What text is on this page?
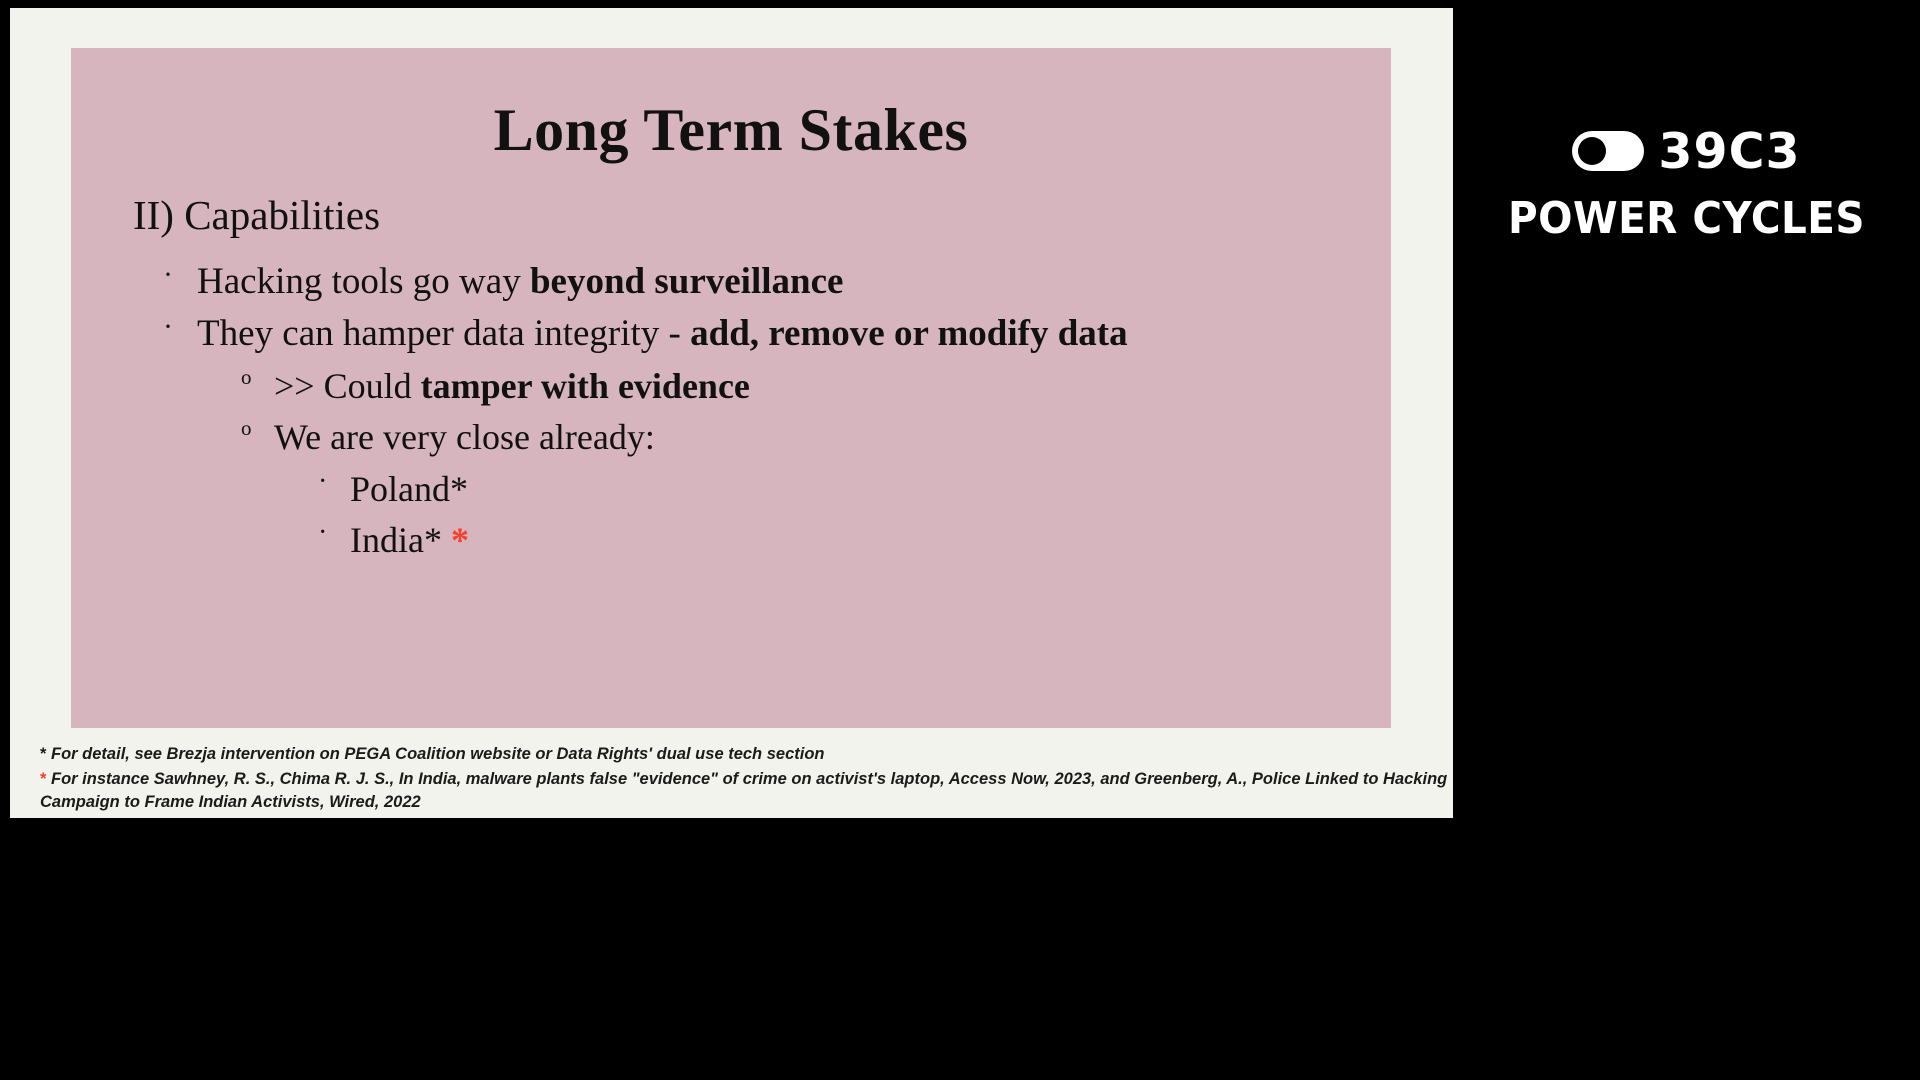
Long Term Stakes
II) Capabilities
· Hacking tools go way beyond surveillance
· They can hamper data integrity - add, remove or modify data
o >> Could tamper with evidence
o We are very close already:
· Poland*
· India* *
* For detail, see Brezja intervention on PEGA Coalition website or Data Rights' dual use tech section
* For instance Sawhney, R. S., Chima R. J. S., In India, malware plants false "evidence" of crime on activist's laptop, Access Now, 2023, and Greenberg, A., Police Linked to Hacking Campaign to Frame Indian Activists, Wired, 2022
39C3
POWER CYCLES
